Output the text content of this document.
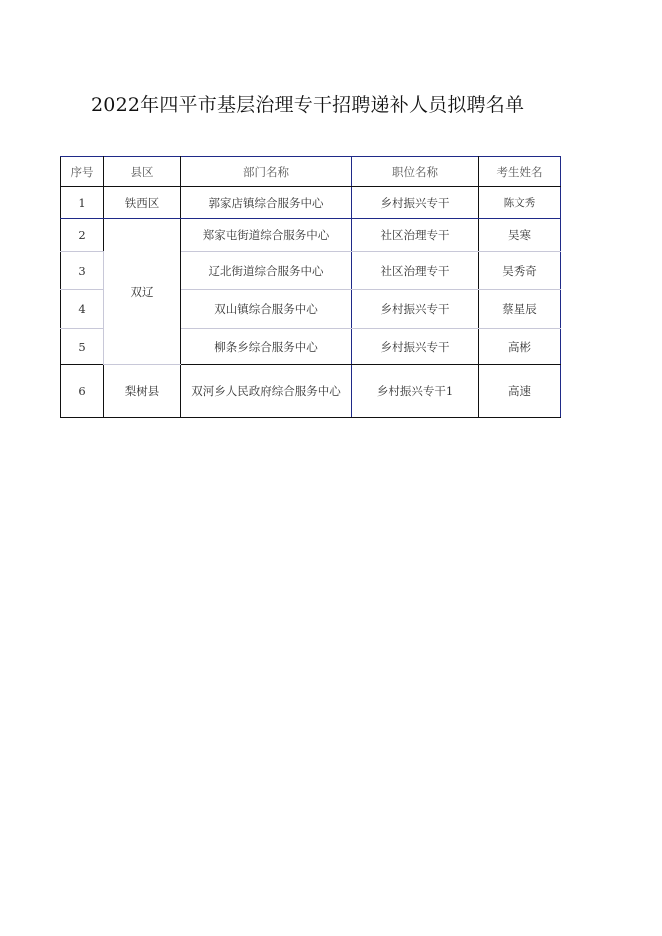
2022年四平市基层治理专干招聘递补人员拟聘名单
序号	县区	部门名称	职位名称	考生姓名
1	铁西区	郭家店镇综合服务中心	乡村振兴专干	陈文秀
2	双辽	郑家屯街道综合服务中心	社区治理专干	吴寒
3		辽北街道综合服务中心	社区治理专干	吴秀奇
4		双山镇综合服务中心	乡村振兴专干	蔡星辰
5		柳条乡综合服务中心	乡村振兴专干	高彬
6	梨树县	双河乡人民政府综合服务中心	乡村振兴专干1	高速
